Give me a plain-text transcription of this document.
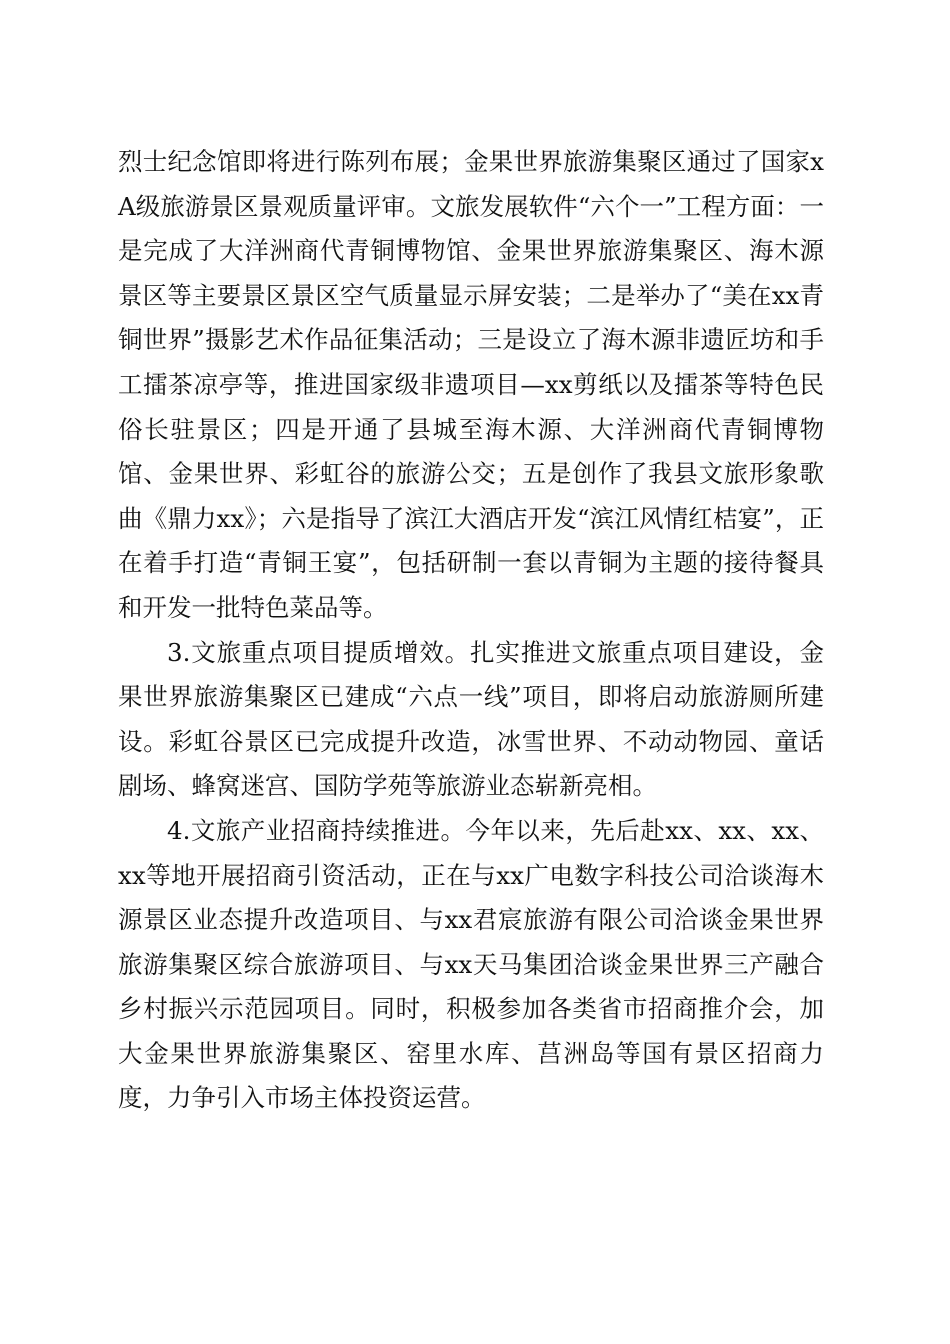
烈士纪念馆即将进行陈列布展；金果世界旅游集聚区通过了国家xA级旅游景区景观质量评审。文旅发展软件“六个一”工程方面：一是完成了大洋洲商代青铜博物馆、金果世界旅游集聚区、海木源景区等主要景区景区空气质量显示屏安装；二是举办了“美在xx青铜世界”摄影艺术作品征集活动；三是设立了海木源非遗匠坊和手工擂茶凉亭等，推进国家级非遗项目—xx剪纸以及擂茶等特色民俗长驻景区；四是开通了县城至海木源、大洋洲商代青铜博物馆、金果世界、彩虹谷的旅游公交；五是创作了我县文旅形象歌曲《鼎力xx》；六是指导了滨江大酒店开发“滨江风情红桔宴”，正在着手打造“青铜王宴”，包括研制一套以青铜为主题的接待餐具和开发一批特色菜品等。

3.文旅重点项目提质增效。扎实推进文旅重点项目建设，金果世界旅游集聚区已建成“六点一线”项目，即将启动旅游厕所建设。彩虹谷景区已完成提升改造，冰雪世界、不动动物园、童话剧场、蜂窝迷宫、国防学苑等旅游业态崭新亮相。

4.文旅产业招商持续推进。今年以来，先后赴xx、xx、xx、xx等地开展招商引资活动，正在与xx广电数字科技公司洽谈海木源景区业态提升改造项目、与xx君宸旅游有限公司洽谈金果世界旅游集聚区综合旅游项目、与xx天马集团洽谈金果世界三产融合乡村振兴示范园项目。同时，积极参加各类省市招商推介会，加大金果世界旅游集聚区、窑里水库、莒洲岛等国有景区招商力度，力争引入市场主体投资运营。
